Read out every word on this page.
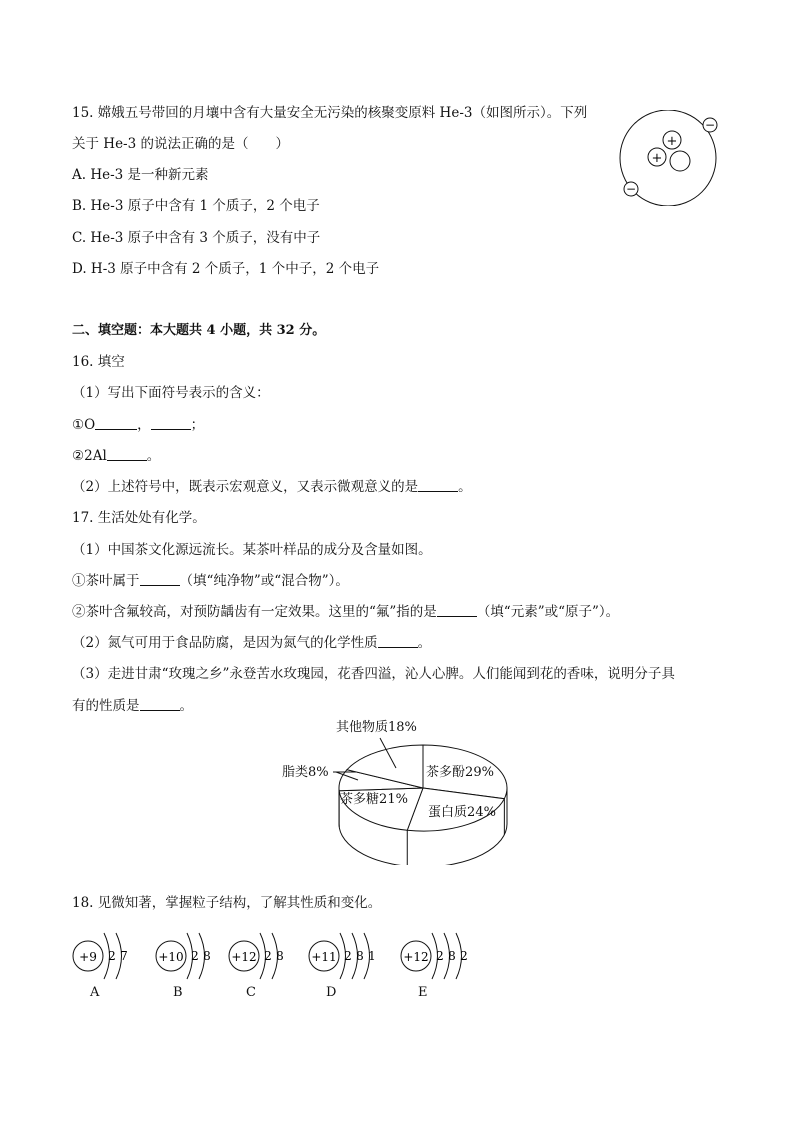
15. 嫦娥五号带回的月壤中含有大量安全无污染的核聚变原料 He-3（如图所示）。下列
关于 He-3 的说法正确的是（　　）
A. He-3 是一种新元素
B. He-3 原子中含有 1 个质子，2 个电子
C. He-3 原子中含有 3 个质子，没有中子
D. H-3 原子中含有 2 个质子，1 个中子，2 个电子
+
+
−
−
二、填空题：本大题共 4 小题，共 32 分。
16. 填空
（1）写出下面符号表示的含义：
①O	，	；
②2Al	。
（2）上述符号中，既表示宏观意义，又表示微观意义的是	。
17. 生活处处有化学。
（1）中国茶文化源远流长。某茶叶样品的成分及含量如图。
①茶叶属于	（填“纯净物”或“混合物”）。
②茶叶含氟较高，对预防龋齿有一定效果。这里的“氟”指的是	（填“元素”或“原子”）。
（2）氮气可用于食品防腐，是因为氮气的化学性质	。
（3）走进甘肃“玫瑰之乡”永登苦水玫瑰园，花香四溢，沁人心脾。人们能闻到花的香味，说明分子具
有的性质是	。
茶多酚29%
蛋白质24%
茶多糖21%
脂类8%
其他物质18%
18. 见微知著，掌握粒子结构，了解其性质和变化。
+9 2 7
A
+10 2 8
B
+12 2 8
C
+11 2 8 1
D
+12 2 8 2
E
